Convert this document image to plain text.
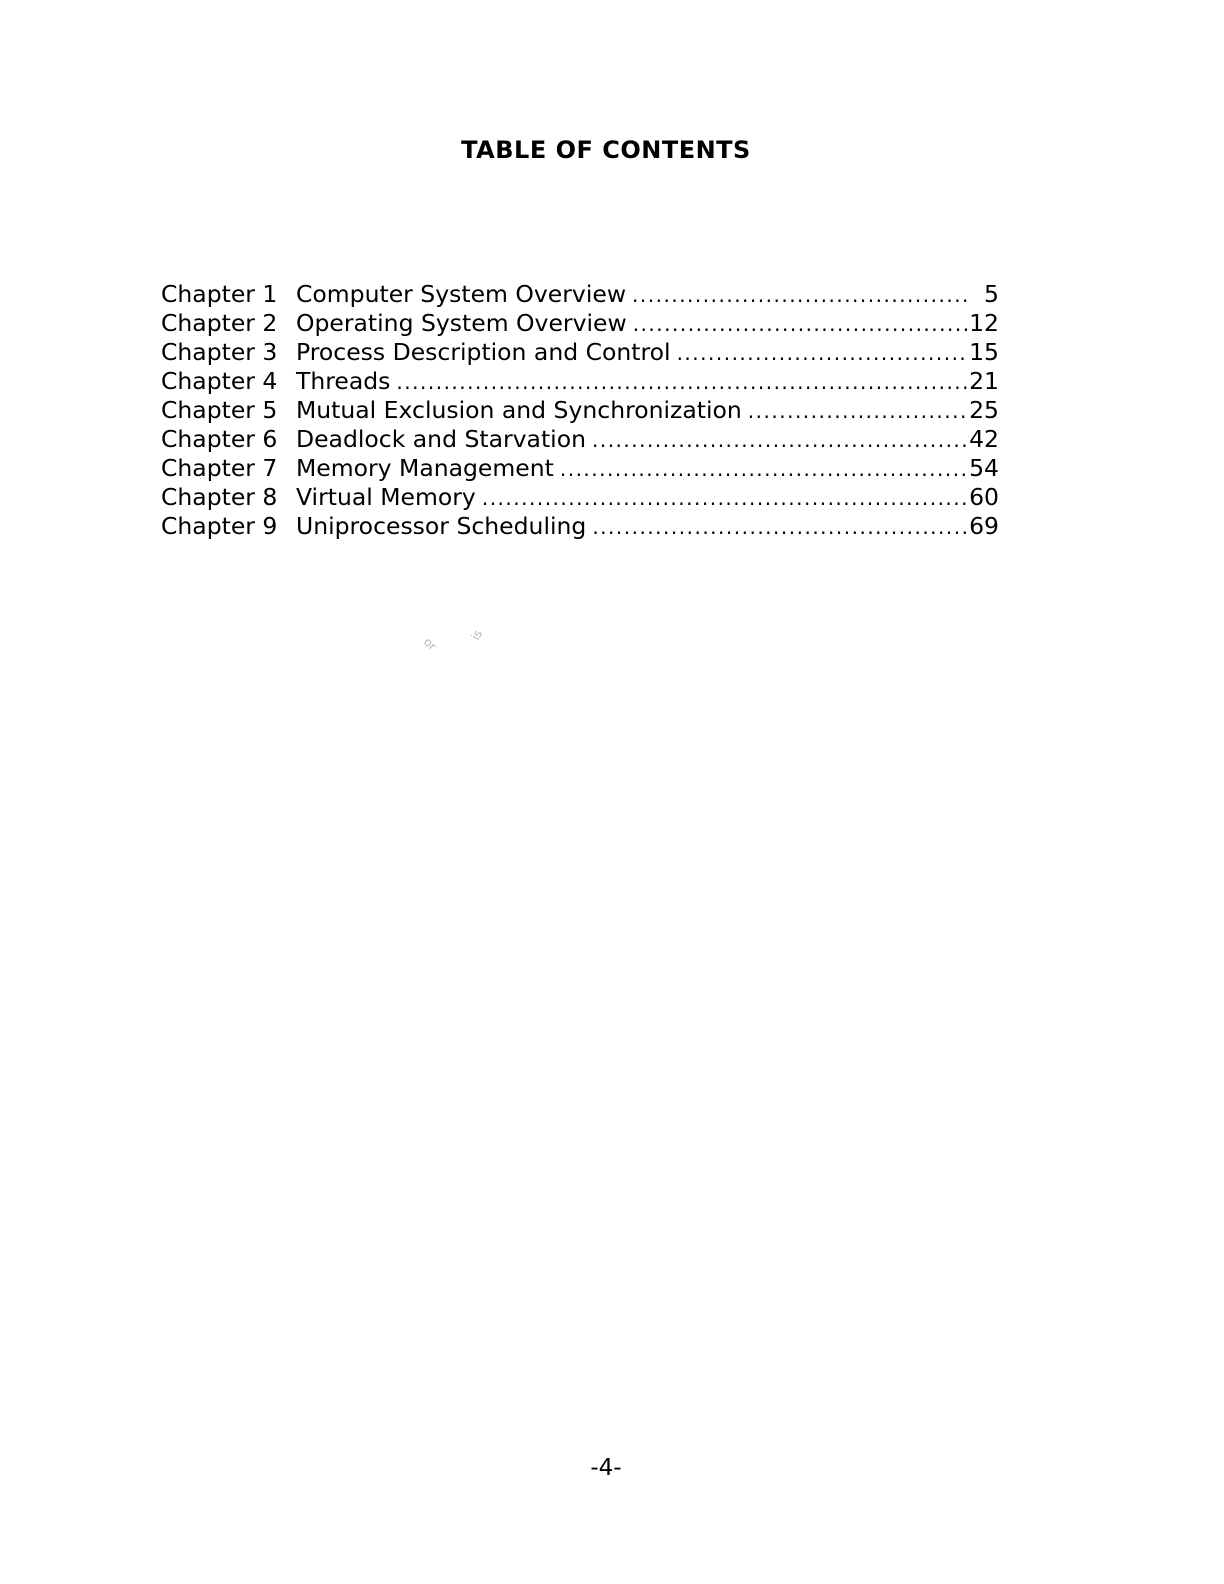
TABLE OF CONTENTS
Chapter 1 Computer System Overview .....	5
Chapter 2 Operating System Overview .....	12
Chapter 3 Process Description and Control .....	15
Chapter 4 Threads .....	21
Chapter 5 Mutual Exclusion and Synchronization .....	25
Chapter 6 Deadlock and Starvation .....	42
Chapter 7 Memory Management .....	54
Chapter 8 Virtual Memory .....	60
Chapter 9 Uniprocessor Scheduling .....	69
or is
-4-
